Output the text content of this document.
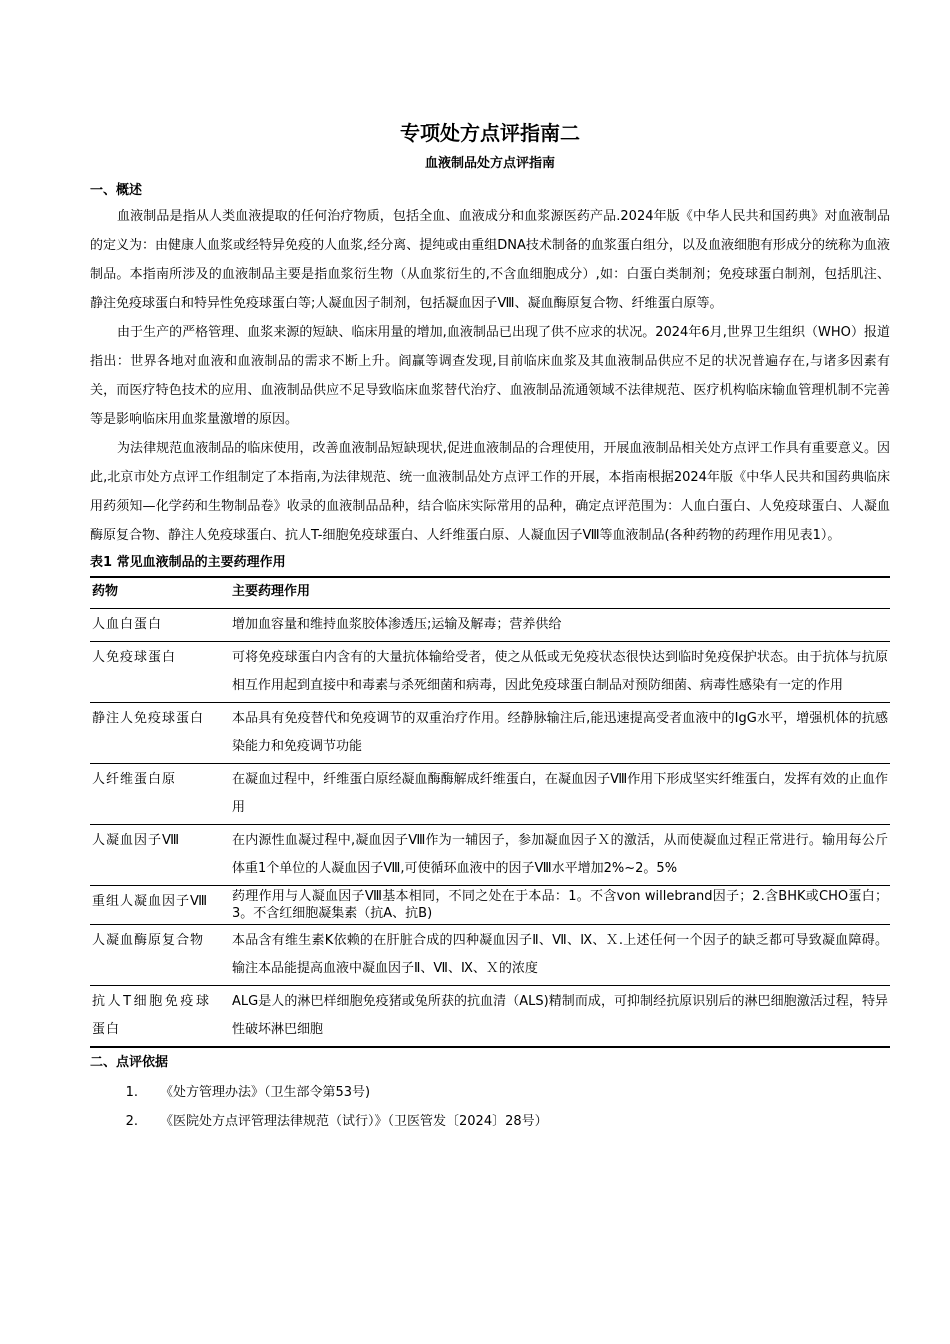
专项处方点评指南二
血液制品处方点评指南

一、概述

血液制品是指从人类血液提取的任何治疗物质，包括全血、血液成分和血浆源医药产品.2024年版《中华人民共和国药典》对血液制品的定义为：由健康人血浆或经特异免疫的人血浆,经分离、提纯或由重组DNA技术制备的血浆蛋白组分，以及血液细胞有形成分的统称为血液制品。本指南所涉及的血液制品主要是指血浆衍生物（从血浆衍生的,不含血细胞成分）,如：白蛋白类制剂；免疫球蛋白制剂，包括肌注、静注免疫球蛋白和特异性免疫球蛋白等;人凝血因子制剂，包括凝血因子Ⅷ、凝血酶原复合物、纤维蛋白原等。

由于生产的严格管理、血浆来源的短缺、临床用量的增加,血液制品已出现了供不应求的状况。2024年6月,世界卫生组织（WHO）报道指出：世界各地对血液和血液制品的需求不断上升。阎赢等调查发现,目前临床血浆及其血液制品供应不足的状况普遍存在,与诸多因素有关，而医疗特色技术的应用、血液制品供应不足导致临床血浆替代治疗、血液制品流通领域不法律规范、医疗机构临床输血管理机制不完善等是影响临床用血浆量激增的原因。

为法律规范血液制品的临床使用，改善血液制品短缺现状,促进血液制品的合理使用，开展血液制品相关处方点评工作具有重要意义。因此,北京市处方点评工作组制定了本指南,为法律规范、统一血液制品处方点评工作的开展，本指南根据2024年版《中华人民共和国药典临床用药须知—化学药和生物制品卷》收录的血液制品品种，结合临床实际常用的品种，确定点评范围为：人血白蛋白、人免疫球蛋白、人凝血酶原复合物、静注人免疫球蛋白、抗人T-细胞免疫球蛋白、人纤维蛋白原、人凝血因子Ⅷ等血液制品(各种药物的药理作用见表1）。

表1 常见血液制品的主要药理作用

药物	主要药理作用
人血白蛋白	增加血容量和维持血浆胶体渗透压;运输及解毒；营养供给
人免疫球蛋白	可将免疫球蛋白内含有的大量抗体输给受者，使之从低或无免疫状态很快达到临时免疫保护状态。由于抗体与抗原相互作用起到直接中和毒素与杀死细菌和病毒，因此免疫球蛋白制品对预防细菌、病毒性感染有一定的作用
静注人免疫球蛋白	本品具有免疫替代和免疫调节的双重治疗作用。经静脉输注后,能迅速提高受者血液中的IgG水平，增强机体的抗感染能力和免疫调节功能
人纤维蛋白原	在凝血过程中，纤维蛋白原经凝血酶酶解成纤维蛋白，在凝血因子Ⅷ作用下形成坚实纤维蛋白，发挥有效的止血作用
人凝血因子Ⅷ	在内源性血凝过程中,凝血因子Ⅷ作为一辅因子，参加凝血因子Ｘ的激活，从而使凝血过程正常进行。输用每公斤体重1个单位的人凝血因子Ⅷ,可使循环血液中的因子Ⅷ水平增加2%~2。5%
重组人凝血因子Ⅷ	药理作用与人凝血因子Ⅷ基本相同，不同之处在于本品：1。不含von willebrand因子；2.含BHK或CHO蛋白；3。不含红细胞凝集素（抗A、抗B)
人凝血酶原复合物	本品含有维生素K依赖的在肝脏合成的四种凝血因子Ⅱ、Ⅶ、Ⅸ、Ｘ.上述任何一个因子的缺乏都可导致凝血障碍。输注本品能提高血液中凝血因子Ⅱ、Ⅶ、Ⅸ、Ｘ的浓度
抗人T细胞免疫球蛋白	ALG是人的淋巴样细胞免疫猪或兔所获的抗血清（ALS)精制而成，可抑制经抗原识别后的淋巴细胞激活过程，特异性破坏淋巴细胞

二、点评依据

1.	《处方管理办法》（卫生部令第53号)
2.	《医院处方点评管理法律规范（试行）》（卫医管发〔2024〕28号）
